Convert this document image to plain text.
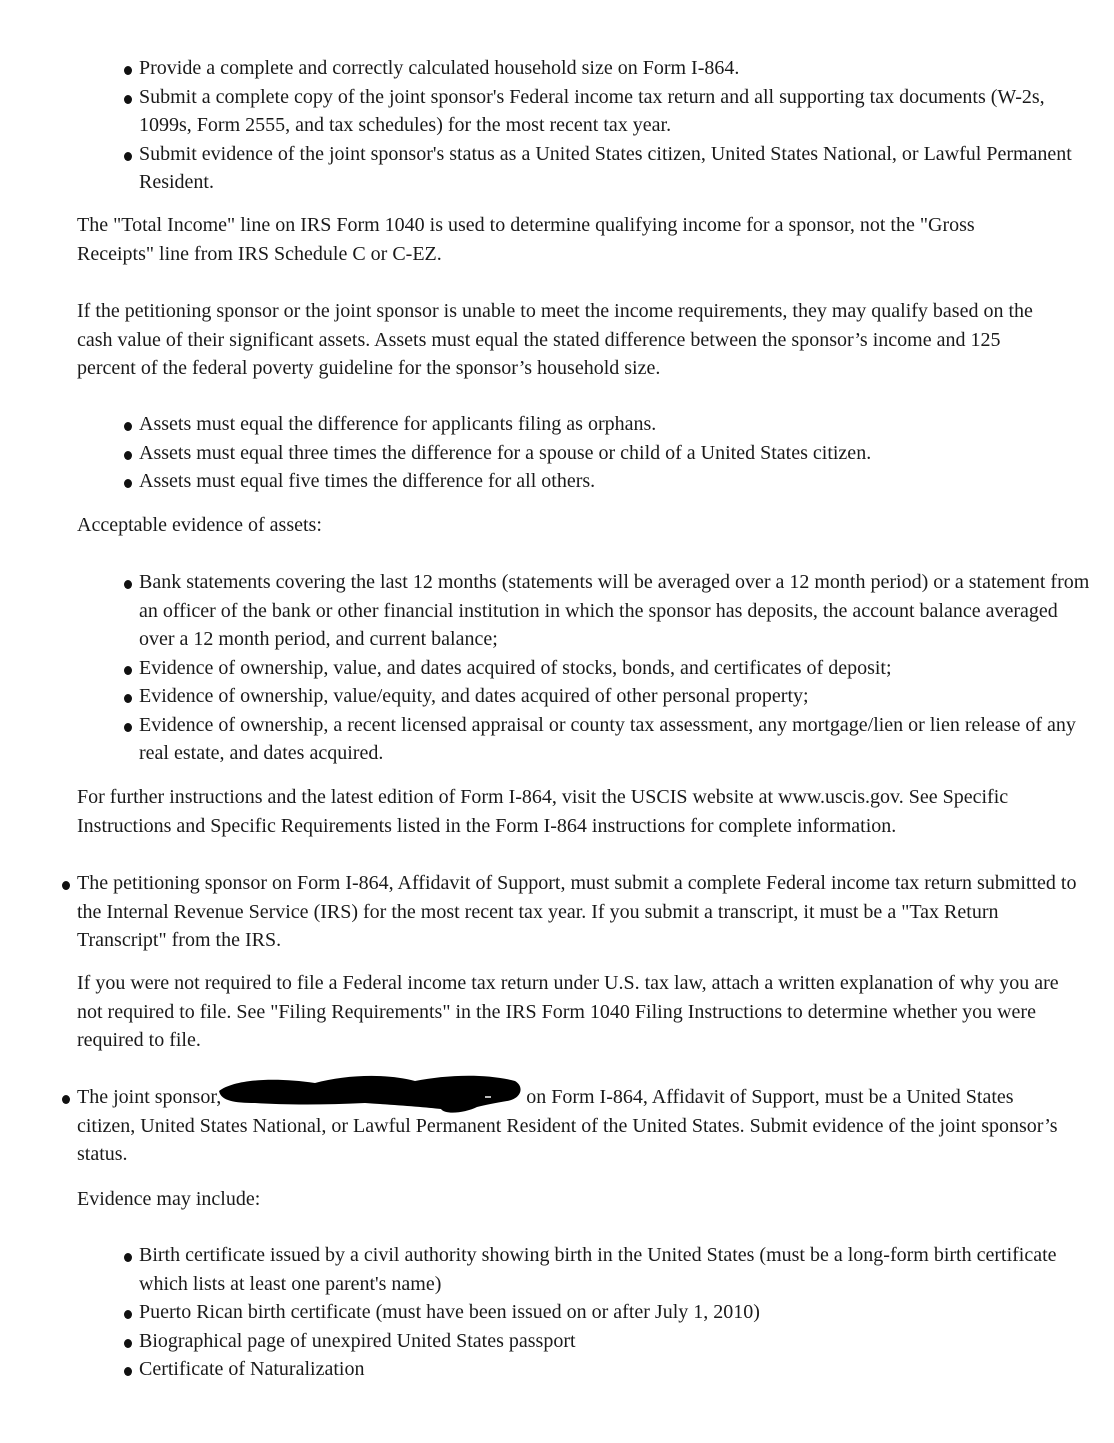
Provide a complete and correctly calculated household size on Form I-864.
Submit a complete copy of the joint sponsor's Federal income tax return and all supporting tax documents (W-2s, 1099s, Form 2555, and tax schedules) for the most recent tax year.
Submit evidence of the joint sponsor's status as a United States citizen, United States National, or Lawful Permanent Resident.

The "Total Income" line on IRS Form 1040 is used to determine qualifying income for a sponsor, not the "Gross Receipts" line from IRS Schedule C or C-EZ.

If the petitioning sponsor or the joint sponsor is unable to meet the income requirements, they may qualify based on the cash value of their significant assets. Assets must equal the stated difference between the sponsor’s income and 125 percent of the federal poverty guideline for the sponsor’s household size.

Assets must equal the difference for applicants filing as orphans.
Assets must equal three times the difference for a spouse or child of a United States citizen.
Assets must equal five times the difference for all others.

Acceptable evidence of assets:

Bank statements covering the last 12 months (statements will be averaged over a 12 month period) or a statement from an officer of the bank or other financial institution in which the sponsor has deposits, the account balance averaged over a 12 month period, and current balance;
Evidence of ownership, value, and dates acquired of stocks, bonds, and certificates of deposit;
Evidence of ownership, value/equity, and dates acquired of other personal property;
Evidence of ownership, a recent licensed appraisal or county tax assessment, any mortgage/lien or lien release of any real estate, and dates acquired.

For further instructions and the latest edition of Form I-864, visit the USCIS website at www.uscis.gov. See Specific Instructions and Specific Requirements listed in the Form I-864 instructions for complete information.

The petitioning sponsor on Form I-864, Affidavit of Support, must submit a complete Federal income tax return submitted to the Internal Revenue Service (IRS) for the most recent tax year. If you submit a transcript, it must be a "Tax Return Transcript" from the IRS.

If you were not required to file a Federal income tax return under U.S. tax law, attach a written explanation of why you are not required to file. See "Filing Requirements" in the IRS Form 1040 Filing Instructions to determine whether you were required to file.

The joint sponsor,	on Form I-864, Affidavit of Support, must be a United States citizen, United States National, or Lawful Permanent Resident of the United States. Submit evidence of the joint sponsor’s status.

Evidence may include:

Birth certificate issued by a civil authority showing birth in the United States (must be a long-form birth certificate which lists at least one parent's name)
Puerto Rican birth certificate (must have been issued on or after July 1, 2010)
Biographical page of unexpired United States passport
Certificate of Naturalization
